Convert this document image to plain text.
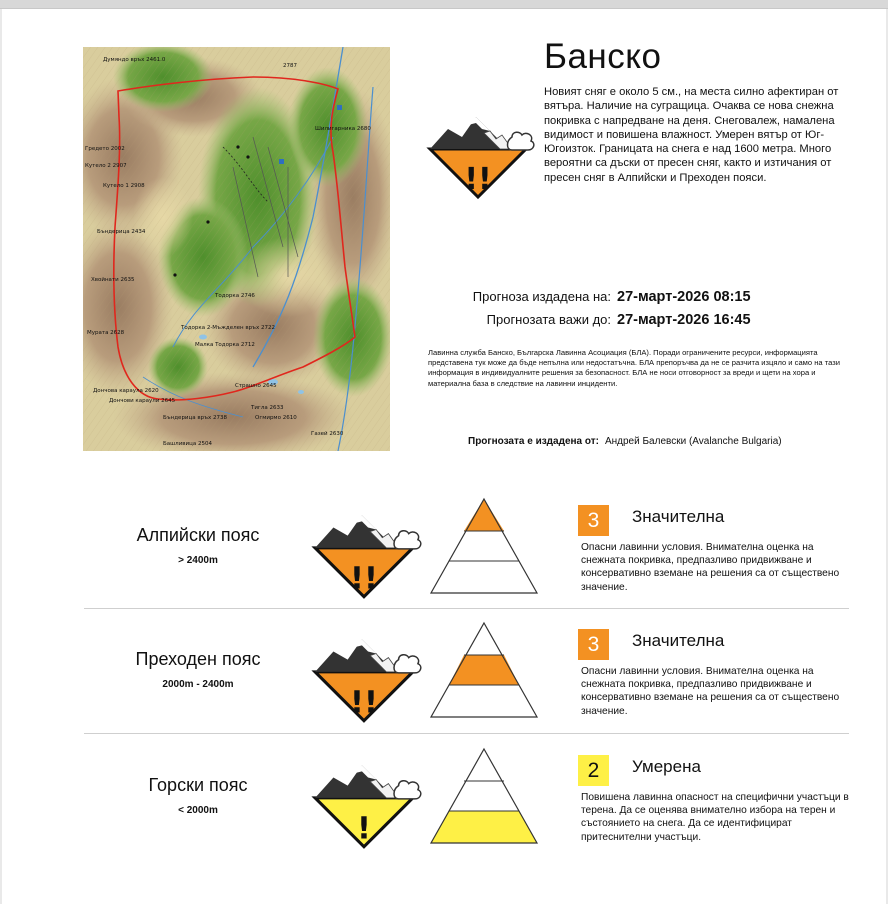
Думяндо връх 2461.0
2787
Шилигарника 2680
Гредето 2002
Кутело 2 2907
Кутело 1 2908
Бъндерица 2434
Хвойнати 2635
Мурата 2628
Тодорка 2746
Тодорка 2-Мъжделен връх 2722
Малка Тодорка 2712
Дончова караула 2620
Дончови караули 2645
Бъндерица връх 2738
Башливица 2504
Газей 2630
Тигла 2633
Страшно 2645
Огмирмо 2610
Банско
Новият сняг е около 5 см., на места силно афектиран от вятъра. Наличие на сугращица. Очаква се нова снежна покривка с напредване на деня. Снеговалеж, намалена видимост и повишена влажност. Умерен вятър от Юг-Югоизток. Границата на снега е над 1600 метра. Много вероятни са дъски от пресен сняг, както и изтичания от пресен сняг в Алпийски и Преходен пояси.
!!
Прогноза издадена на: 27-март-2026 08:15
Прогнозата важи до: 27-март-2026 16:45
Лавинна служба Банско, Българска Лавинна Асоциация (БЛА). Поради ограничените ресурси, информацията представена тук може да бъде непълна или недостатъчна. БЛА препоръчва да не се разчита изцяло и само на тази информация в индивидуалните решения за безопасност. БЛА не носи отговорност за вреди и щети на хора и материална база в следствие на лавинни инциденти.
Прогнозата е издадена от: Андрей Балевски (Avalanche Bulgaria)
Алпийски пояс
> 2400m
!!
3	Значителна
Опасни лавинни условия. Внимателна оценка на снежната покривка, предпазливо придвижване и консервативно вземане на решения са от съществено значение.
Преходен пояс
2000m - 2400m
!!
3	Значителна
Опасни лавинни условия. Внимателна оценка на снежната покривка, предпазливо придвижване и консервативно вземане на решения са от съществено значение.
Горски пояс
< 2000m
!
2	Умерена
Повишена лавинна опасност на специфични участъци в терена. Да се оценява внимателно избора на терен и състоянието на снега. Да се идентифицират притеснителни участъци.
